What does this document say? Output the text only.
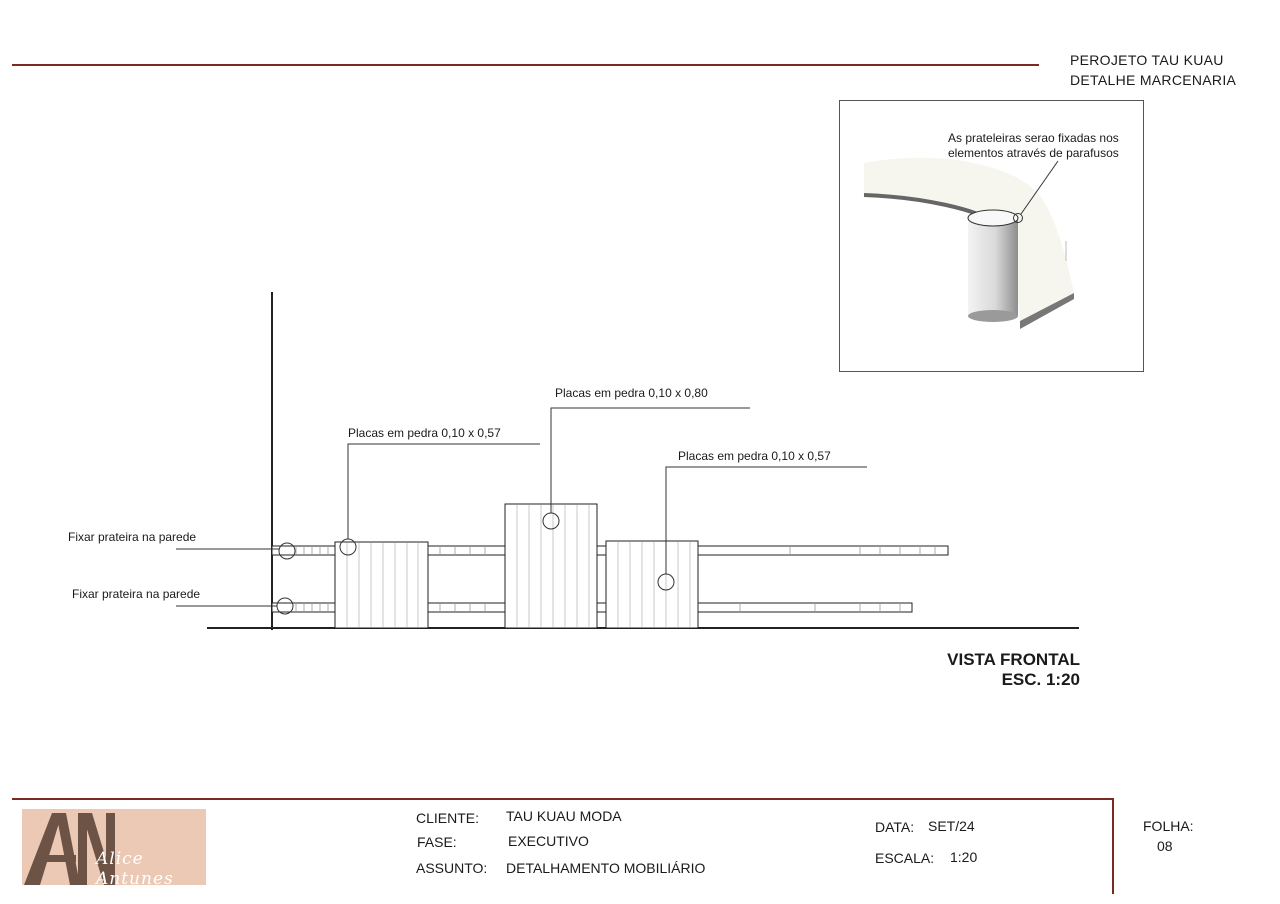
PEROJETO TAU KUAU
DETALHE MARCENARIA
As prateleiras serao fixadas nos
elementos através de parafusos
Fixar prateira na parede
Fixar prateira na parede
Placas em pedra 0,10 x 0,57
Placas em pedra 0,10 x 0,80
Placas em pedra 0,10 x 0,57
VISTA FRONTAL
ESC. 1:20
Alice Antunes
CLIENTE: TAU KUAU MODA
FASE:	EXECUTIVO
ASSUNTO: DETALHAMENTO MOBILIÁRIO
DATA: SET/24
ESCALA: 1:20
FOLHA:
08
